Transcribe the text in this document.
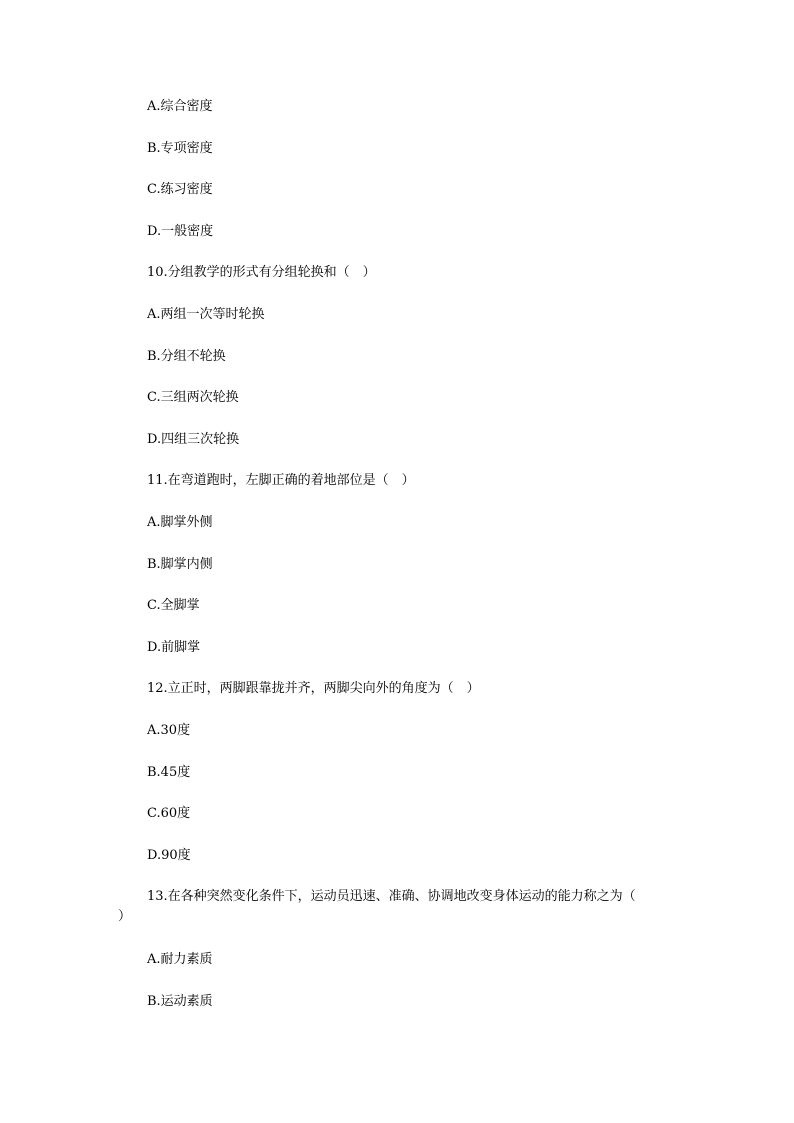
A.综合密度
B.专项密度
C.练习密度
D.一般密度
10.分组教学的形式有分组轮换和（　）
A.两组一次等时轮换
B.分组不轮换
C.三组两次轮换
D.四组三次轮换
11.在弯道跑时，左脚正确的着地部位是（　）
A.脚掌外侧
B.脚掌内侧
C.全脚掌
D.前脚掌
12.立正时，两脚跟靠拢并齐，两脚尖向外的角度为（　）
A.30度
B.45度
C.60度
D.90度
13.在各种突然变化条件下，运动员迅速、准确、协调地改变身体运动的能力称之为（
）
A.耐力素质
B.运动素质
